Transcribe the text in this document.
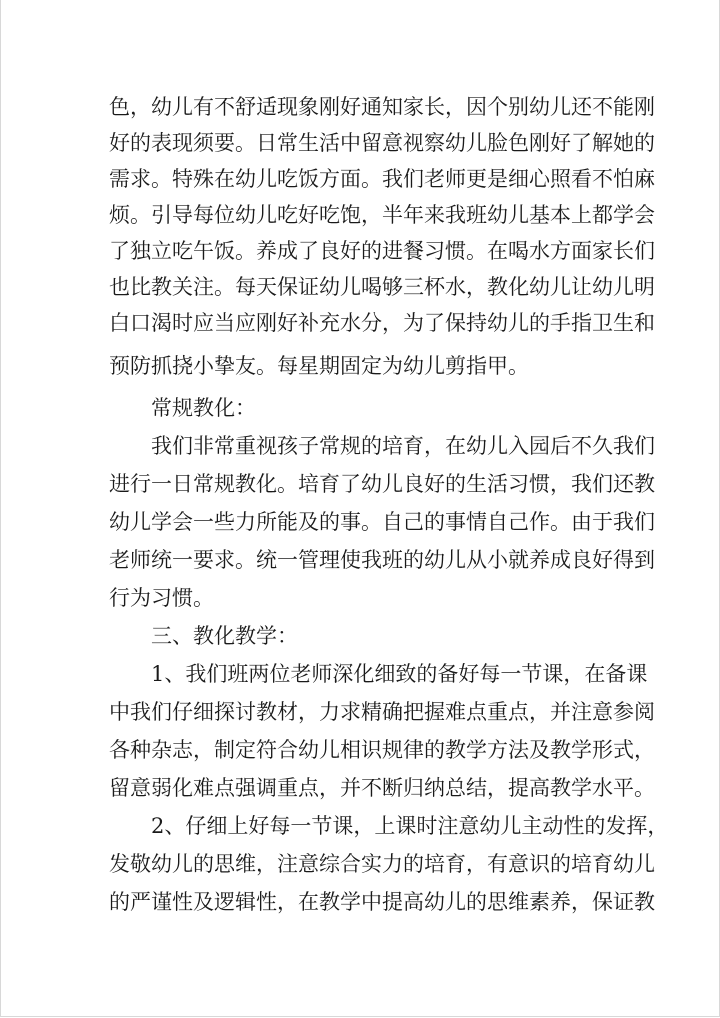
色，幼儿有不舒适现象刚好通知家长，因个别幼儿还不能刚
好的表现须要。日常生活中留意视察幼儿脸色刚好了解她的
需求。特殊在幼儿吃饭方面。我们老师更是细心照看不怕麻
烦。引导每位幼儿吃好吃饱，半年来我班幼儿基本上都学会
了独立吃午饭。养成了良好的进餐习惯。在喝水方面家长们
也比教关注。每天保证幼儿喝够三杯水，教化幼儿让幼儿明
白口渴时应当应刚好补充水分，为了保持幼儿的手指卫生和
预防抓挠小挚友。每星期固定为幼儿剪指甲。
常规教化：
我们非常重视孩子常规的培育，在幼儿入园后不久我们
进行一日常规教化。培育了幼儿良好的生活习惯，我们还教
幼儿学会一些力所能及的事。自己的事情自己作。由于我们
老师统一要求。统一管理使我班的幼儿从小就养成良好得到
行为习惯。
三、教化教学：
1、我们班两位老师深化细致的备好每一节课，在备课
中我们仔细探讨教材，力求精确把握难点重点，并注意参阅
各种杂志，制定符合幼儿相识规律的教学方法及教学形式，
留意弱化难点强调重点，并不断归纳总结，提高教学水平。
2、仔细上好每一节课，上课时注意幼儿主动性的发挥，
发敬幼儿的思维，注意综合实力的培育，有意识的培育幼儿
的严谨性及逻辑性，在教学中提高幼儿的思维素养，保证教
